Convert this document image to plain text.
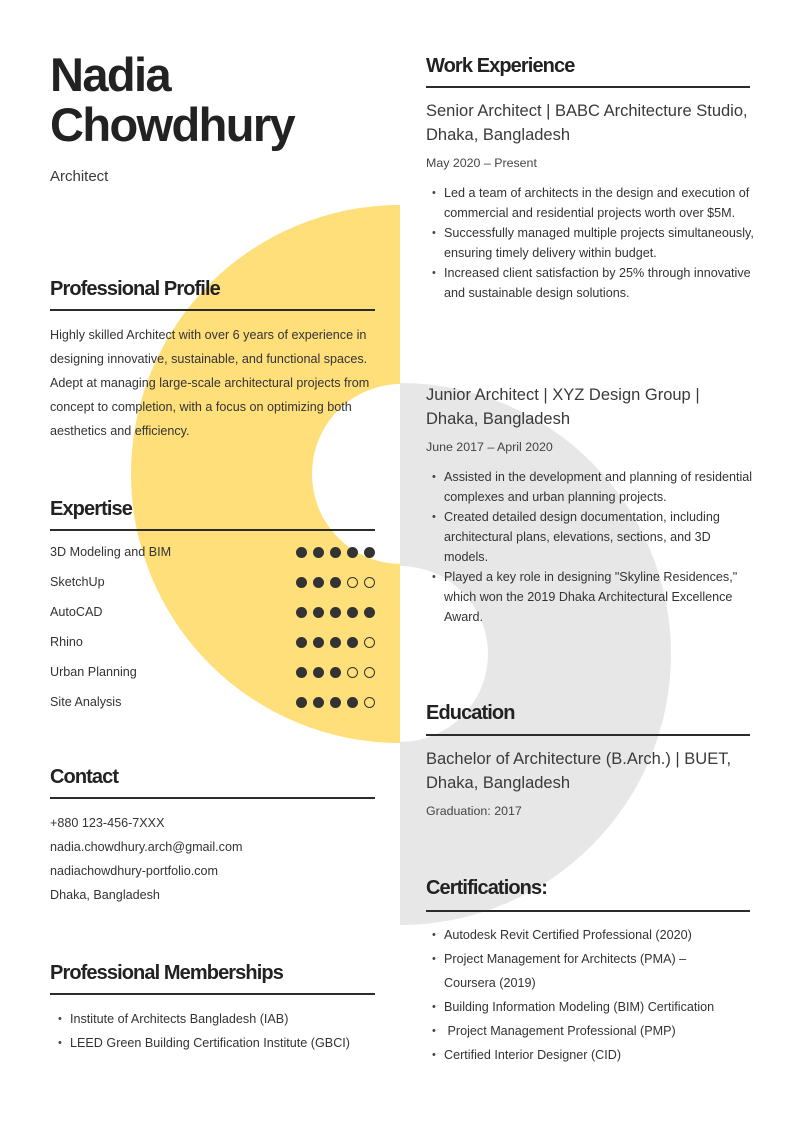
Nadia
Chowdhury
Architect
Professional Profile
Highly skilled Architect with over 6 years of experience in designing innovative, sustainable, and functional spaces. Adept at managing large-scale architectural projects from concept to completion, with a focus on optimizing both aesthetics and efficiency.
Expertise
3D Modeling and BIM
SketchUp
AutoCAD
Rhino
Urban Planning
Site Analysis
Contact
+880 123-456-7XXX
nadia.chowdhury.arch@gmail.com
nadiachowdhury-portfolio.com
Dhaka, Bangladesh
Professional Memberships
• Institute of Architects Bangladesh (IAB)
• LEED Green Building Certification Institute (GBCI)
Work Experience
Senior Architect | BABC Architecture Studio, Dhaka, Bangladesh
May 2020 – Present
• Led a team of architects in the design and execution of commercial and residential projects worth over $5M.
• Successfully managed multiple projects simultaneously, ensuring timely delivery within budget.
• Increased client satisfaction by 25% through innovative and sustainable design solutions.
Junior Architect | XYZ Design Group | Dhaka, Bangladesh
June 2017 – April 2020
• Assisted in the development and planning of residential complexes and urban planning projects.
• Created detailed design documentation, including architectural plans, elevations, sections, and 3D models.
• Played a key role in designing "Skyline Residences," which won the 2019 Dhaka Architectural Excellence Award.
Education
Bachelor of Architecture (B.Arch.) | BUET, Dhaka, Bangladesh
Graduation: 2017
Certifications:
• Autodesk Revit Certified Professional (2020)
• Project Management for Architects (PMA) – Coursera (2019)
• Building Information Modeling (BIM) Certification
•  Project Management Professional (PMP)
• Certified Interior Designer (CID)
